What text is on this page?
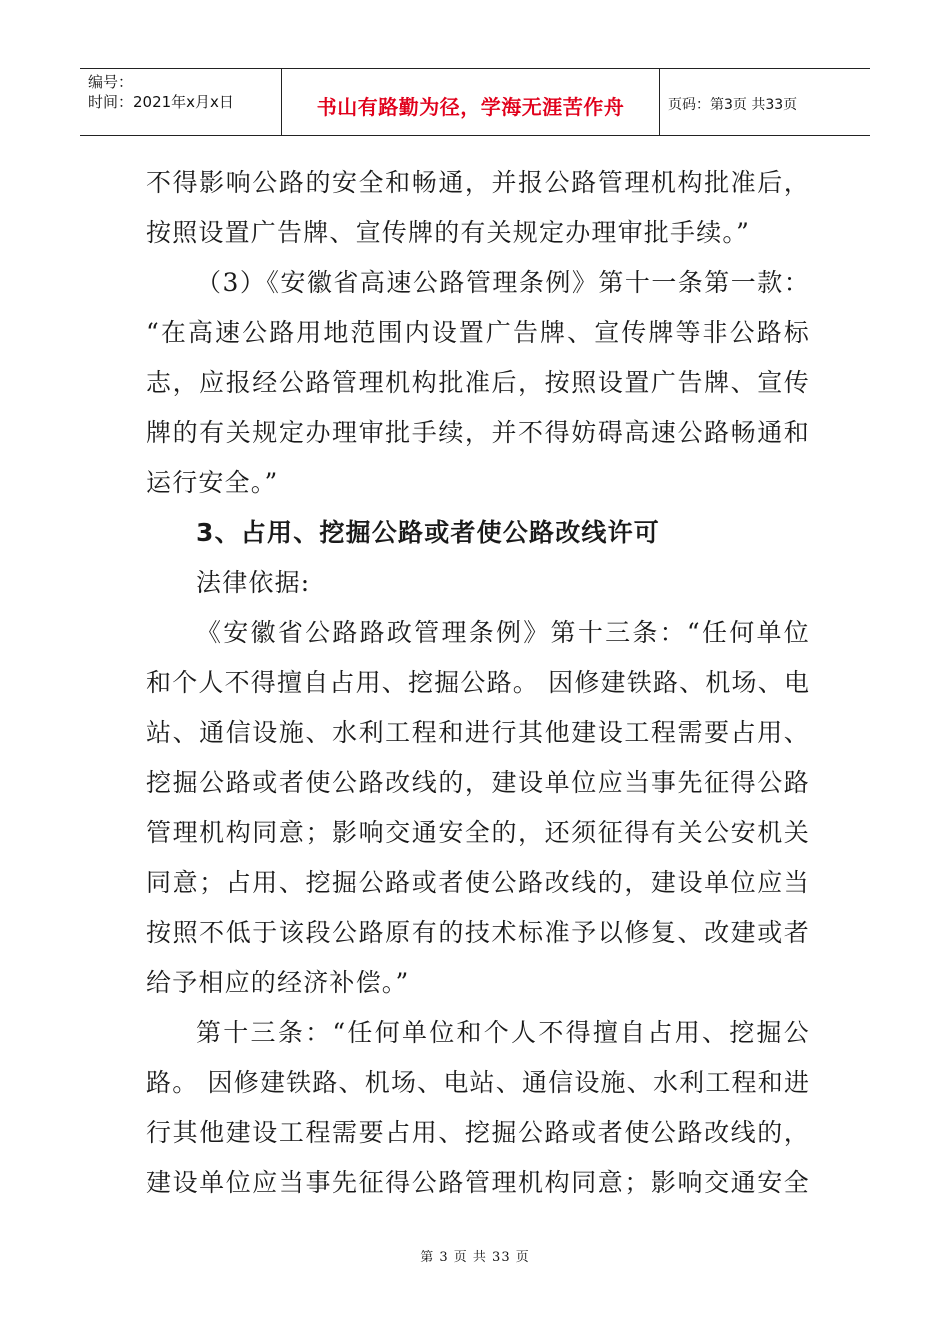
编号：
时间：2021年x月x日	书山有路勤为径，学海无涯苦作舟	页码：第3页 共33页
不得影响公路的安全和畅通，并报公路管理机构批准后，
按照设置广告牌、宣传牌的有关规定办理审批手续。”
（3）《安徽省高速公路管理条例》第十一条第一款：
“在高速公路用地范围内设置广告牌、宣传牌等非公路标
志，应报经公路管理机构批准后，按照设置广告牌、宣传
牌的有关规定办理审批手续，并不得妨碍高速公路畅通和
运行安全。”
3、占用、挖掘公路或者使公路改线许可
法律依据:
《安徽省公路路政管理条例》第十三条：“任何单位
和个人不得擅自占用、挖掘公路。 因修建铁路、机场、电
站、通信设施、水利工程和进行其他建设工程需要占用、
挖掘公路或者使公路改线的，建设单位应当事先征得公路
管理机构同意；影响交通安全的，还须征得有关公安机关
同意；占用、挖掘公路或者使公路改线的，建设单位应当
按照不低于该段公路原有的技术标准予以修复、改建或者
给予相应的经济补偿。”
第十三条：“任何单位和个人不得擅自占用、挖掘公
路。 因修建铁路、机场、电站、通信设施、水利工程和进
行其他建设工程需要占用、挖掘公路或者使公路改线的，
建设单位应当事先征得公路管理机构同意；影响交通安全
第 3 页 共 33 页
